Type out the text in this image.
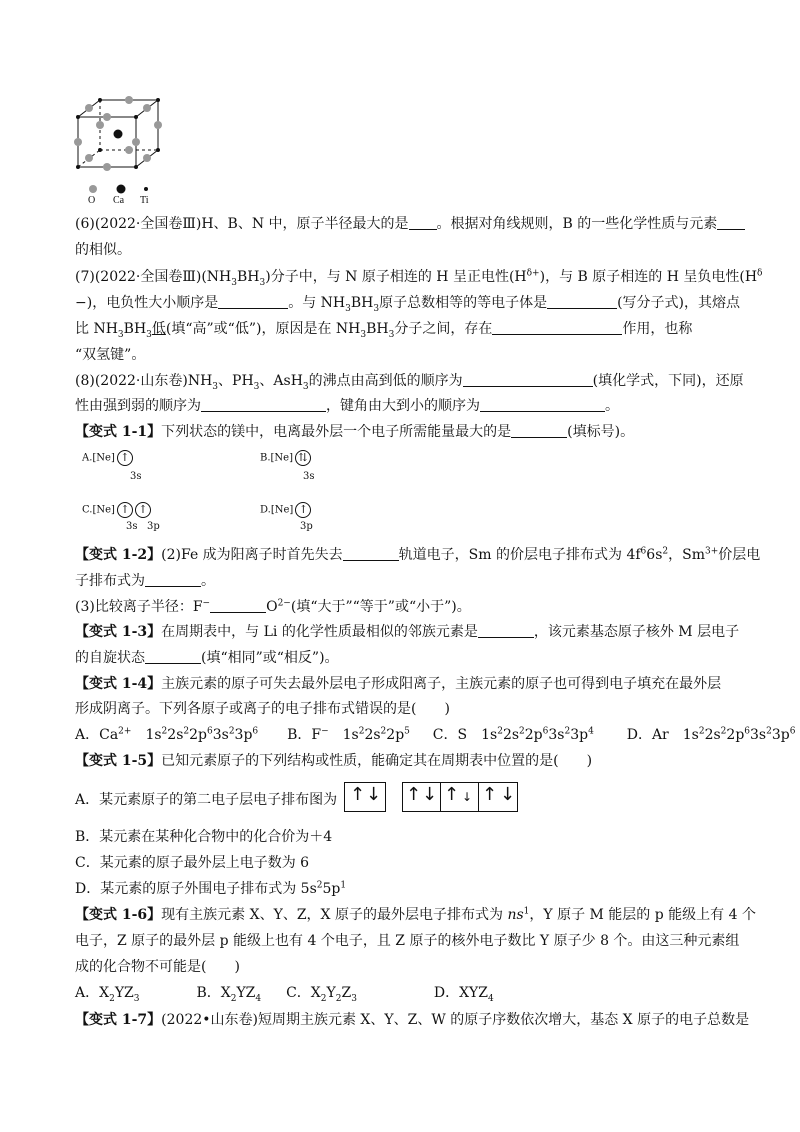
O Ca Ti
(6)(2022·全国卷Ⅲ)H、B、N 中，原子半径最大的是 。根据对角线规则，B 的一些化学性质与元素
的相似。
(7)(2022·全国卷$Ⅲ)(NH_3BH_3)$分子中，与 N 原子相连的 H 呈正电性$(H^{\delta+})$，与 B 原子相连的 H 呈负电性($H^\delta$
−)，电负性大小顺序是	。与 $NH_3BH_3$原子总数相等的等电子体是	(写分子式)，其熔点
比 $NH_3BH_3$低(填“高”或“低”)，原因是在 $NH_3BH_3$分子之间，存在	作用，也称
“双氢键”。
(8)(2022·山东卷)$NH_3$、$PH_3$、AsH$_3$的沸点由高到低的顺序为	(填化学式，下同)，还原
性由强到弱的顺序为	，键角由大到小的顺序为	。
【变式 1-1】下列状态的镁中，电离最外层一个电子所需能量最大的是	(填标号)。
A.[Ne] ↑
3s
B.[Ne] ⇅
3s
C.[Ne] ↑ ↑
3s 3p
D.[Ne] ↑
3p
【变式 1-2】(2)Fe 成为阳离子时首先失去	轨道电子，Sm 的价层电子排布式为 $4f^66s^2$，$Sm^{3+}$价层电
子排布式为	。
(3)比较离子半径：F−	$O^{2-}$(填“大于”“等于”或“小于”)。
【变式 1-3】在周期表中，与 Li 的化学性质最相似的邻族元素是	，该元素基态原子核外 M 层电子
的自旋状态	(填“相同”或“相反”)。
【变式 1-4】主族元素的原子可失去最外层电子形成阳离子，主族元素的原子也可得到电子填充在最外层
形成阴离子。下列各原子或离子的电子排布式错误的是(　　)
A．$Ca^{2+}$　$1s^22s^22p^63s^23p^6$ B．F−　$1s^22s^22p^5$ C．S　$1s^22s^22p^63s^23p^4$ D．Ar　$1s^22s^22p^63s^23p^6$
【变式 1-5】已知元素原子的下列结构或性质，能确定其在周期表中位置的是(　　)
A．某元素原子的第二电子层电子排布图为 ↑ ↓ ↑ ↓ ↑ ↓ ↑ ↓
B．某元素在某种化合物中的化合价为＋4
C．某元素的原子最外层上电子数为 6
D．某元素的原子外围电子排布式为 $5s^25p^1$
【变式 1-6】现有主族元素 X、Y、Z，X 原子的最外层电子排布式为 $ns^1$，Y 原子 M 能层的 p 能级上有 4 个
电子，Z 原子的最外层 p 能级上也有 4 个电子，且 Z 原子的核外电子数比 Y 原子少 8 个。由这三种元素组
成的化合物不可能是(　　)
A．$X_2YZ_3$	B．$X_2YZ_4$ C．$X_2Y_2Z_3$	D．$XYZ_4$
【变式 1-7】(2022•山东卷)短周期主族元素 X、Y、Z、W 的原子序数依次增大，基态 X 原子的电子总数是
